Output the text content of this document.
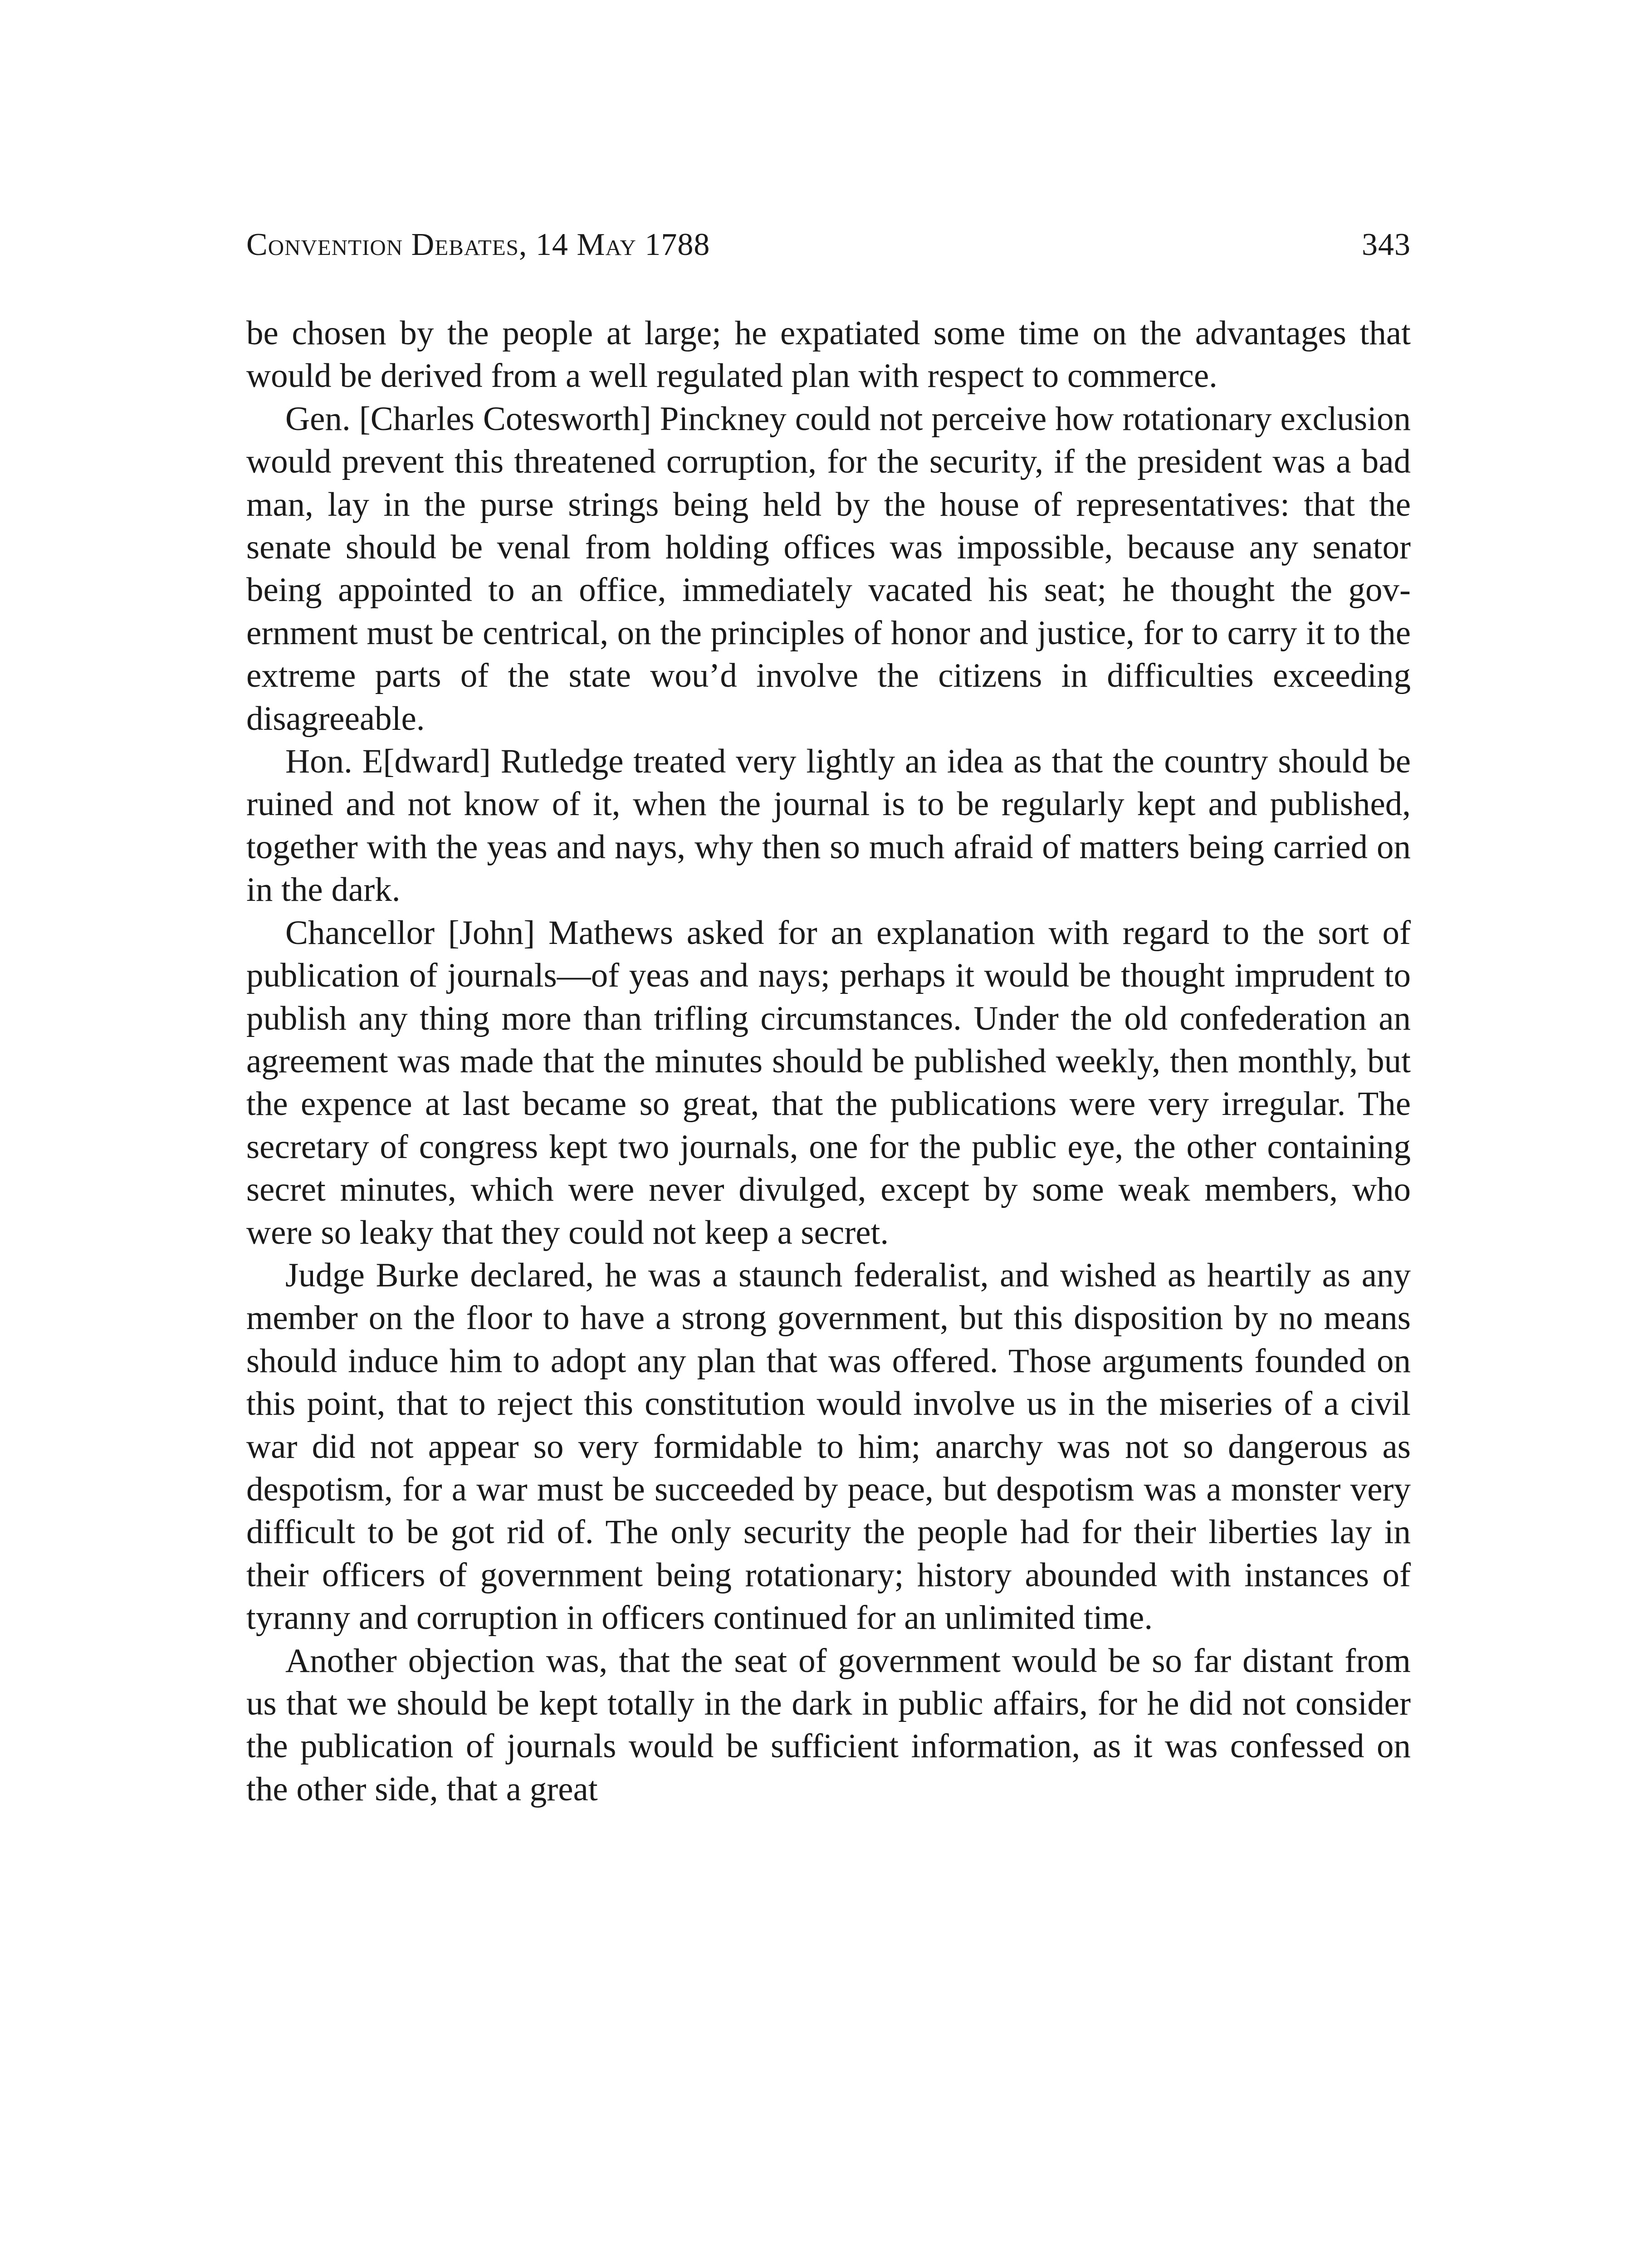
Convention Debates, 14 May 1788	343

be chosen by the people at large; he expatiated some time on the advantages that would be derived from a well regulated plan with respect to commerce.

Gen. [Charles Cotesworth] Pinckney could not perceive how rotationary exclusion would prevent this threatened corruption, for the security, if the president was a bad man, lay in the purse strings being held by the house of representatives: that the senate should be venal from holding offices was impossible, because any senator being appointed to an office, immediately vacated his seat; he thought the government must be centrical, on the principles of honor and justice, for to carry it to the extreme parts of the state wou’d involve the citizens in difficulties exceeding disagreeable.

Hon. E[dward] Rutledge treated very lightly an idea as that the country should be ruined and not know of it, when the journal is to be regularly kept and published, together with the yeas and nays, why then so much afraid of matters being carried on in the dark.

Chancellor [John] Mathews asked for an explanation with regard to the sort of publication of journals—of yeas and nays; perhaps it would be thought imprudent to publish any thing more than trifling circumstances. Under the old confederation an agreement was made that the minutes should be published weekly, then monthly, but the expence at last became so great, that the publications were very irregular. The secretary of congress kept two journals, one for the public eye, the other containing secret minutes, which were never divulged, except by some weak members, who were so leaky that they could not keep a secret.

Judge Burke declared, he was a staunch federalist, and wished as heartily as any member on the floor to have a strong government, but this disposition by no means should induce him to adopt any plan that was offered. Those arguments founded on this point, that to reject this constitution would involve us in the miseries of a civil war did not appear so very formidable to him; anarchy was not so dangerous as despotism, for a war must be succeeded by peace, but despotism was a monster very difficult to be got rid of. The only security the people had for their liberties lay in their officers of government being rotationary; history abounded with instances of tyranny and corruption in officers continued for an unlimited time.

Another objection was, that the seat of government would be so far distant from us that we should be kept totally in the dark in public affairs, for he did not consider the publication of journals would be sufficient information, as it was confessed on the other side, that a great
